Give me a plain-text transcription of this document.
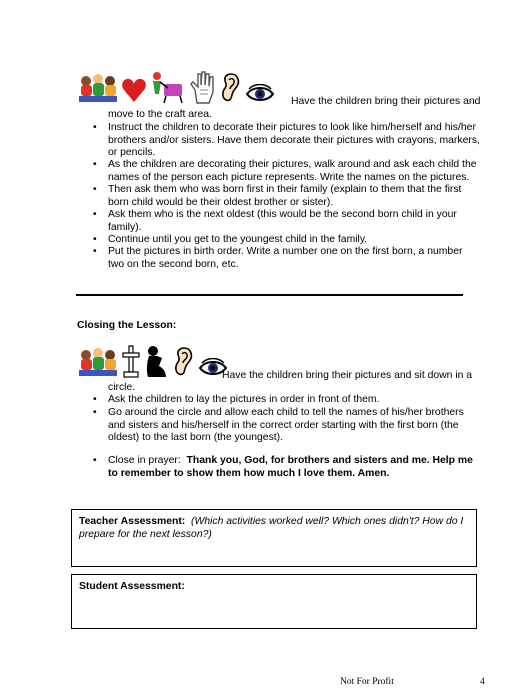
Have the children bring their pictures and
move to the craft area.
• Instruct the children to decorate their pictures to look like him/herself and his/her
brothers and/or sisters. Have them decorate their pictures with crayons, markers,
or pencils.
• As the children are decorating their pictures, walk around and ask each child the
names of the person each picture represents. Write the names on the pictures.
• Then ask them who was born first in their family (explain to them that the first
born child would be their oldest brother or sister).
• Ask them who is the next oldest (this would be the second born child in your
family).
• Continue until you get to the youngest child in the family.
• Put the pictures in birth order. Write a number one on the first born, a number
two on the second born, etc.
Closing the Lesson:
Have the children bring their pictures and sit down in a
circle.
• Ask the children to lay the pictures in order in front of them.
• Go around the circle and allow each child to tell the names of his/her brothers
and sisters and his/herself in the correct order starting with the first born (the
oldest) to the last born (the youngest).
• Close in prayer: Thank you, God, for brothers and sisters and me. Help me
to remember to show them how much I love them. Amen.
Teacher Assessment: (Which activities worked well? Which ones didn't? How do I
prepare for the next lesson?)
Student Assessment:
Not For Profit	4
